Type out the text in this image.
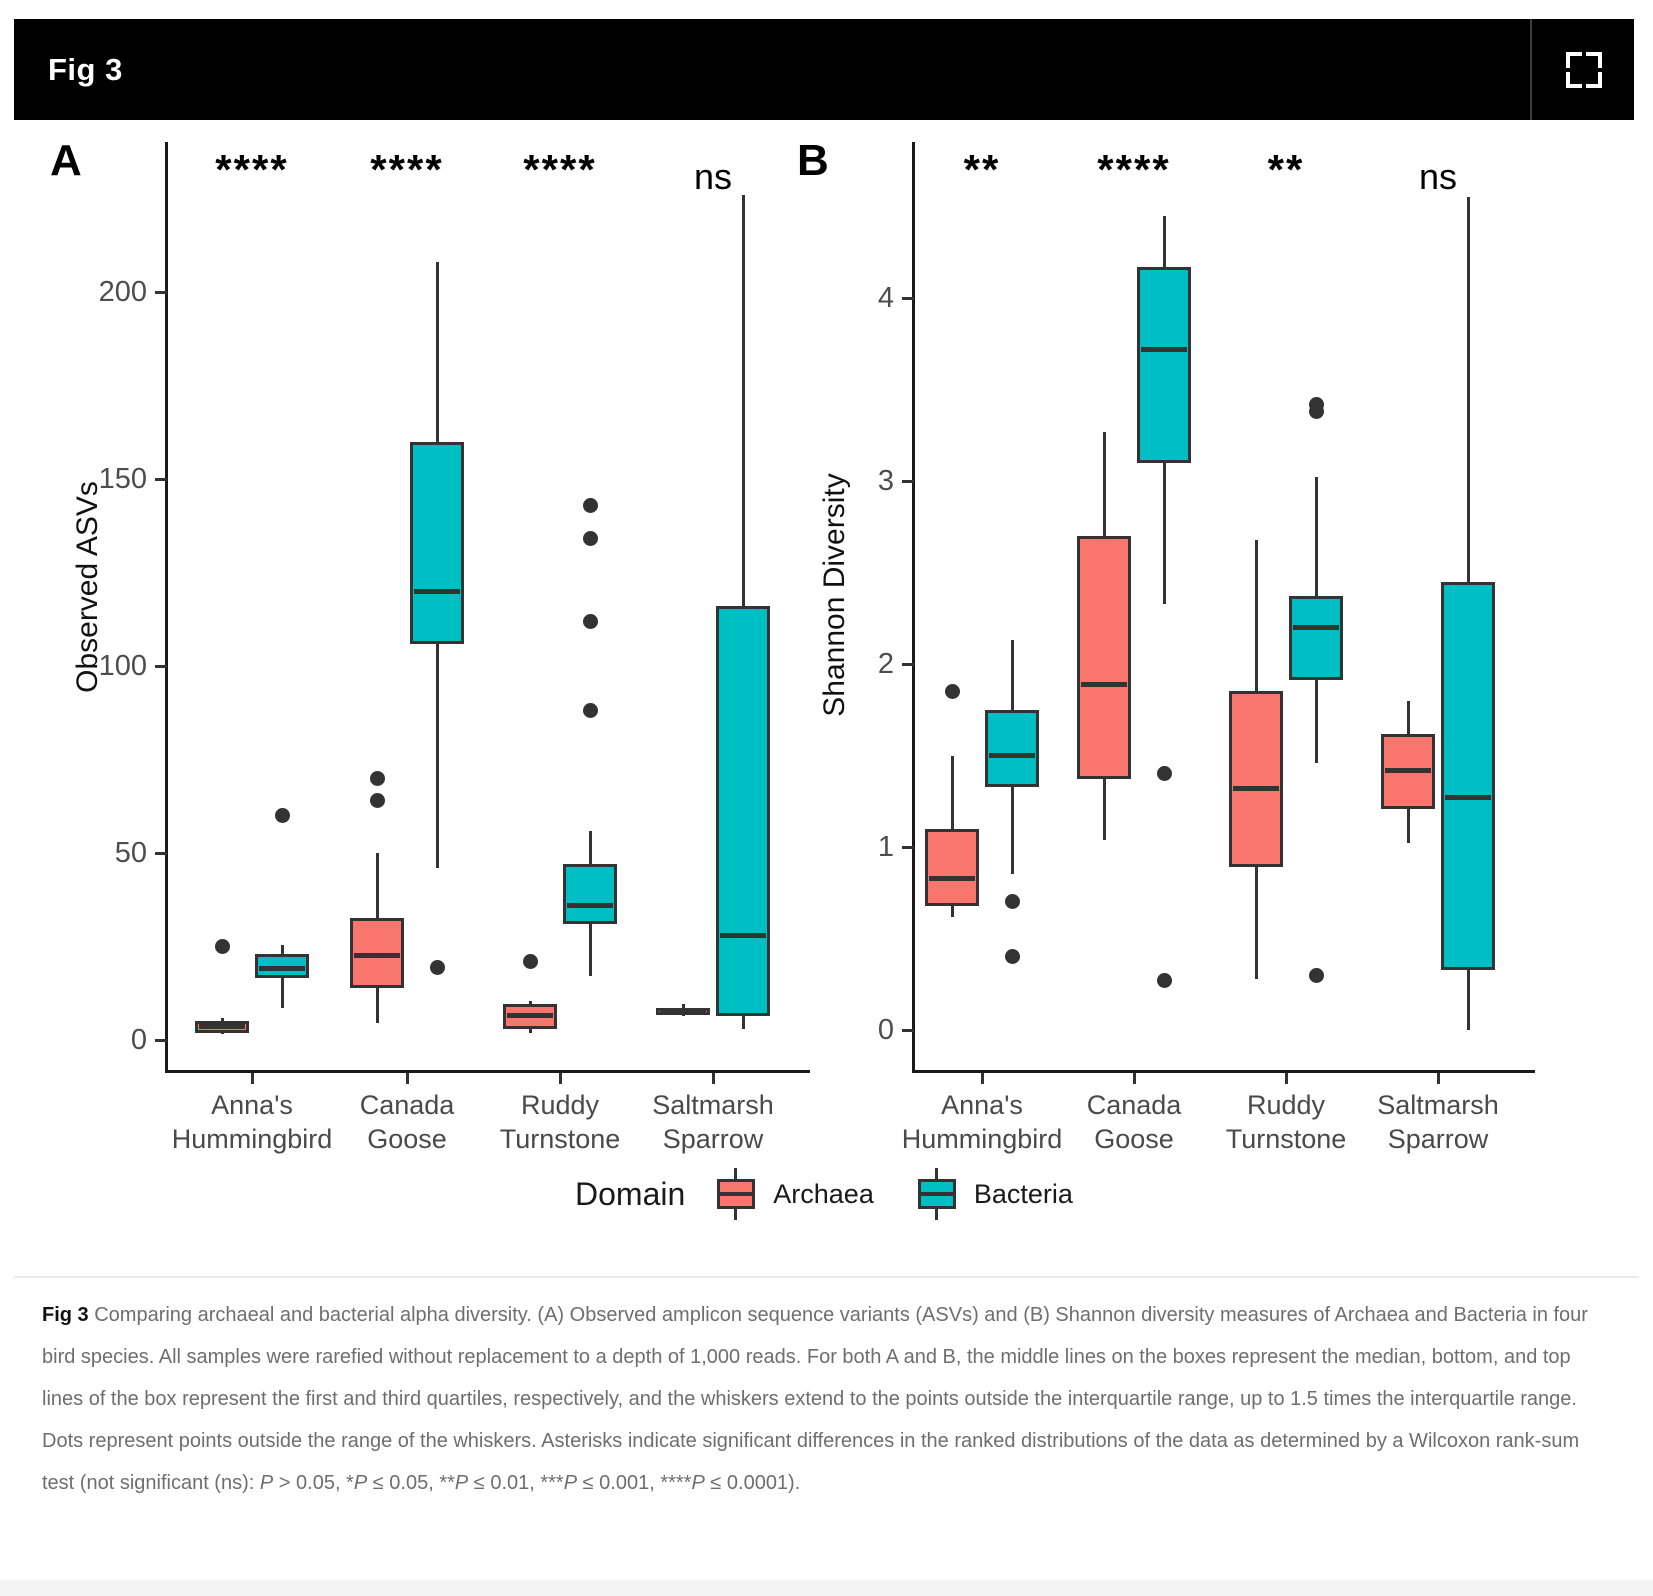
Fig 3
A
Observed ASVs
0
50
100
150
200
Anna's
Hummingbird
****
Canada
Goose
****
Ruddy
Turnstone
****
Saltmarsh
Sparrow
ns	B
Shannon Diversity
0
1
2
3
4
Anna's
Hummingbird
**
Canada
Goose
****
Ruddy
Turnstone
**
Saltmarsh
Sparrow
ns
Domain	Archaea	Bacteria
Fig 3 Comparing archaeal and bacterial alpha diversity. (A) Observed amplicon sequence variants (ASVs) and (B) Shannon diversity measures of Archaea and Bacteria in four bird species. All samples were rarefied without replacement to a depth of 1,000 reads. For both A and B, the middle lines on the boxes represent the median, bottom, and top lines of the box represent the first and third quartiles, respectively, and the whiskers extend to the points outside the interquartile range, up to 1.5 times the interquartile range. Dots represent points outside the range of the whiskers. Asterisks indicate significant differences in the ranked distributions of the data as determined by a Wilcoxon rank-sum test (not significant (ns): P > 0.05, *P ≤ 0.05, **P ≤ 0.01, ***P ≤ 0.001, ****P ≤ 0.0001).
